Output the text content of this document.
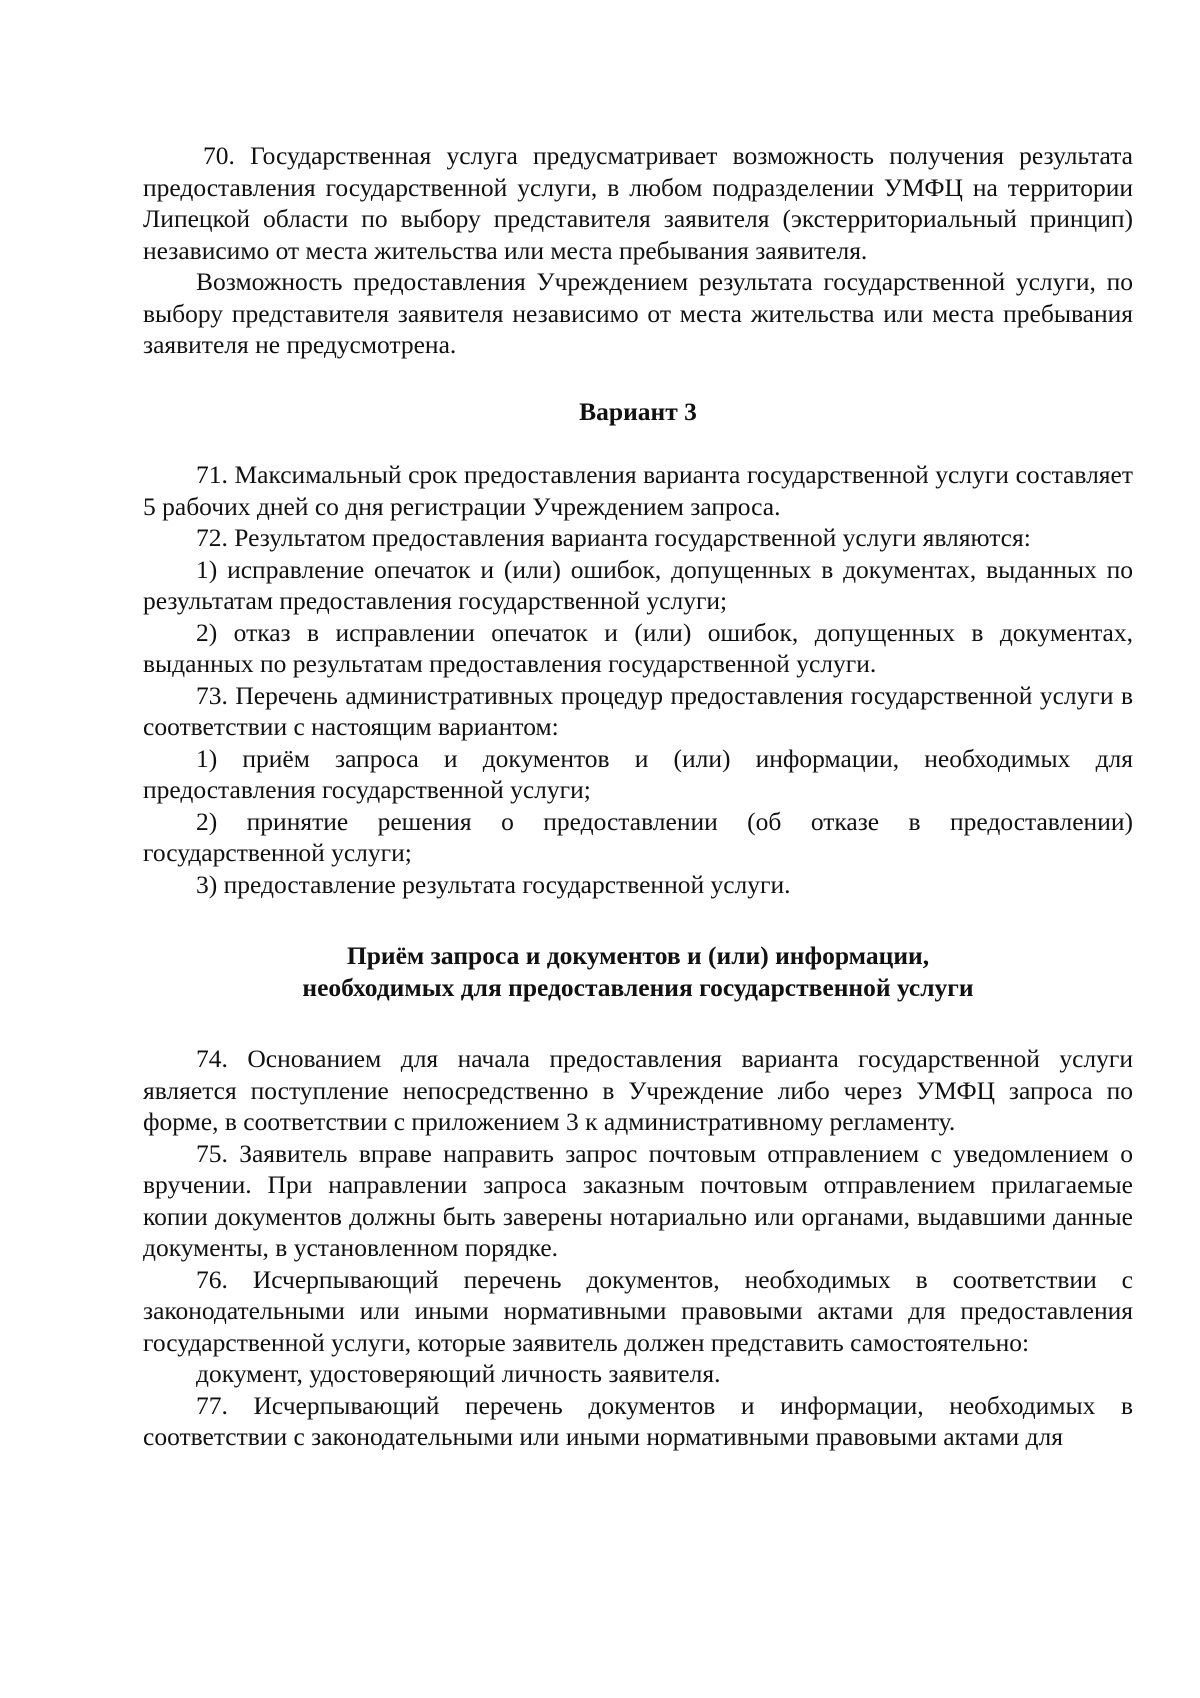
70. Государственная услуга предусматривает возможность получения результата предоставления государственной услуги, в любом подразделении УМФЦ на территории Липецкой области по выбору представителя заявителя (экстерриториальный принцип) независимо от места жительства или места пребывания заявителя.

Возможность предоставления Учреждением результата государственной услуги, по выбору представителя заявителя независимо от места жительства или места пребывания заявителя не предусмотрена.

Вариант 3

71. Максимальный срок предоставления варианта государственной услуги составляет 5 рабочих дней со дня регистрации Учреждением запроса.

72. Результатом предоставления варианта государственной услуги являются:

1) исправление опечаток и (или) ошибок, допущенных в документах, выданных по результатам предоставления государственной услуги;

2) отказ в исправлении опечаток и (или) ошибок, допущенных в документах, выданных по результатам предоставления государственной услуги.

73. Перечень административных процедур предоставления государственной услуги в соответствии с настоящим вариантом:

1) приём запроса и документов и (или) информации, необходимых для предоставления государственной услуги;

2) принятие решения о предоставлении (об отказе в предоставлении) государственной услуги;

3) предоставление результата государственной услуги.

Приём запроса и документов и (или) информации,
необходимых для предоставления государственной услуги

74. Основанием для начала предоставления варианта государственной услуги является поступление непосредственно в Учреждение либо через УМФЦ запроса по форме, в соответствии с приложением 3 к административному регламенту.

75. Заявитель вправе направить запрос почтовым отправлением с уведомлением о вручении. При направлении запроса заказным почтовым отправлением прилагаемые копии документов должны быть заверены нотариально или органами, выдавшими данные документы, в установленном порядке.

76. Исчерпывающий перечень документов, необходимых в соответствии с законодательными или иными нормативными правовыми актами для предоставления государственной услуги, которые заявитель должен представить самостоятельно:

документ, удостоверяющий личность заявителя.

77. Исчерпывающий перечень документов и информации, необходимых в соответствии с законодательными или иными нормативными правовыми актами для
